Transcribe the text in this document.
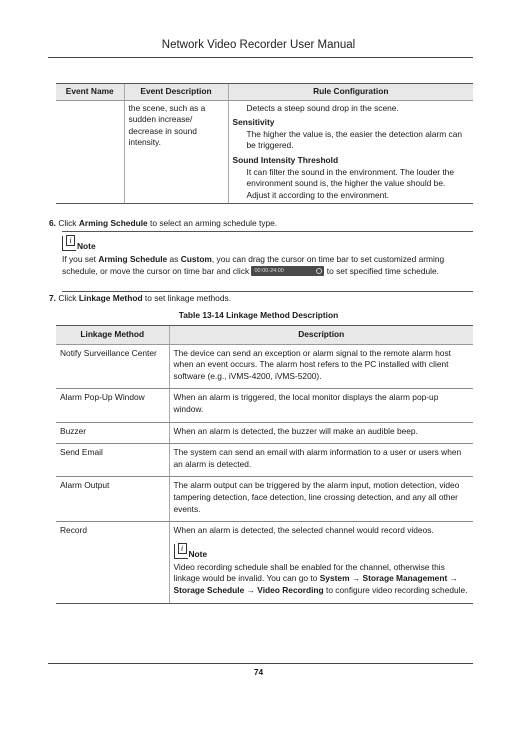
Network Video Recorder User Manual
Event Name	Event Description	Rule Configuration
	the scene, such as a sudden increase/ decrease in sound intensity.	Detects a steep sound drop in the scene.
Sensitivity
The higher the value is, the easier the detection alarm can be triggered.
Sound Intensity Threshold
It can filter the sound in the environment. The louder the environment sound is, the higher the value should be. Adjust it according to the environment.
6. Click Arming Schedule to select an arming schedule type.
i
Note
If you set Arming Schedule as Custom, you can drag the cursor on time bar to set customized arming schedule, or move the cursor on time bar and click 00:00-24:00	to set specified time schedule.
7. Click Linkage Method to set linkage methods.
Table 13-14 Linkage Method Description
Linkage Method	Description
Notify Surveillance Center	The device can send an exception or alarm signal to the remote alarm host when an event occurs. The alarm host refers to the PC installed with client software (e.g., iVMS-4200, iVMS-5200).
Alarm Pop-Up Window	When an alarm is triggered, the local monitor displays the alarm pop-up window.
Buzzer	When an alarm is detected, the buzzer will make an audible beep.
Send Email	The system can send an email with alarm information to a user or users when an alarm is detected.
Alarm Output	The alarm output can be triggered by the alarm input, motion detection, video tampering detection, face detection, line crossing detection, and any all other events.
Record	When an alarm is detected, the selected channel would record videos.
i
Note
Video recording schedule shall be enabled for the channel, otherwise this linkage would be invalid. You can go to System → Storage Management → Storage Schedule → Video Recording to configure video recording schedule.
74
